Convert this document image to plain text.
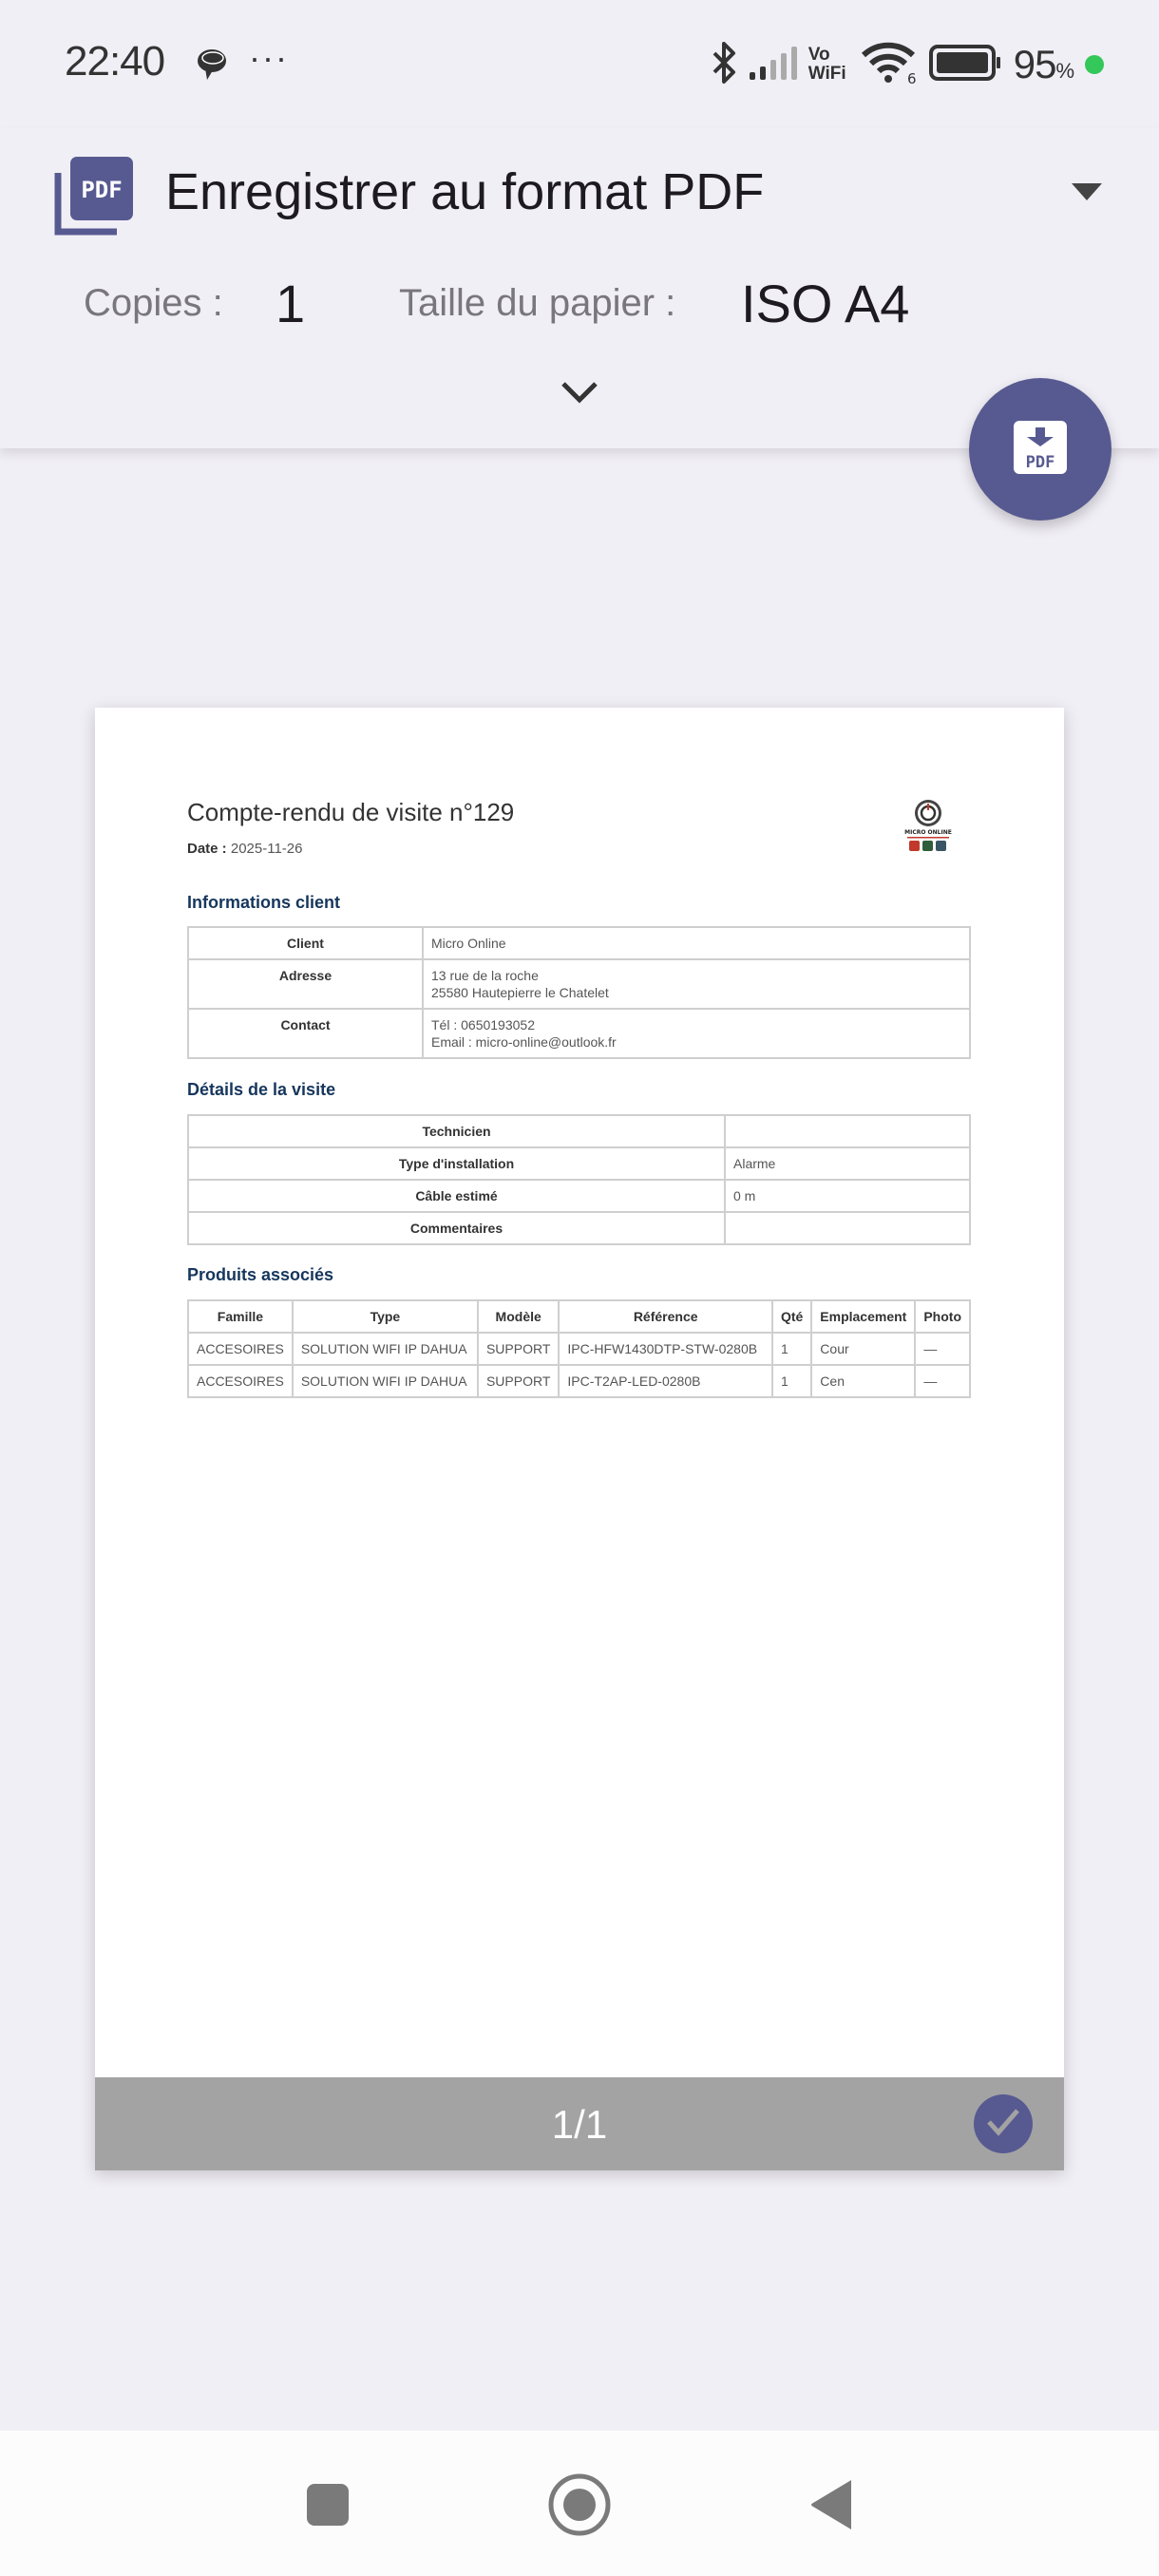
22:40 ···	Vo
WiFi	6 95%
PDF Enregistrer au format PDF
Copies : 1 Taille du papier : ISO A4
PDF
Compte-rendu de visite n°129
Date : 2025-11-26
MICRO ONLINE
Informations client
Client	Micro Online

Adresse	13 rue de la roche
25580 Hautepierre le Chatelet

Contact	Tél : 0650193052
Email : micro-online@outlook.fr
Détails de la visite
Technicien	
Type d'installation	Alarme
Câble estimé	0 m
Commentaires	
Produits associés
Famille	Type	Modèle	Référence	Qté	Emplacement	Photo
ACCESOIRES	SOLUTION WIFI IP DAHUA	SUPPORT	IPC-HFW1430DTP-STW-0280B	1	Cour	—
ACCESOIRES	SOLUTION WIFI IP DAHUA	SUPPORT	IPC-T2AP-LED-0280B	1	Cen	—
1/1
